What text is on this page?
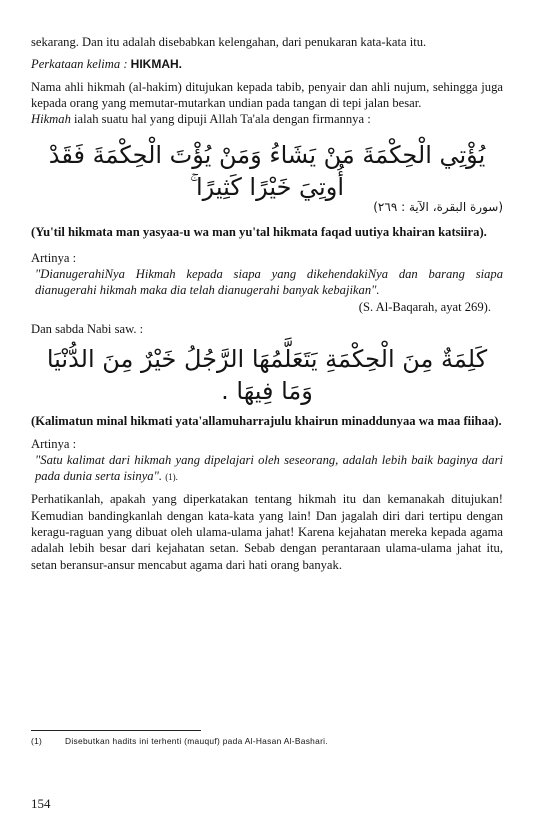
sekarang. Dan itu adalah disebabkan kelengahan, dari penukaran kata-kata itu.

Perkataan kelima : HIKMAH.

Nama ahli hikmah (al-hakim) ditujukan kepada tabib, penyair dan ahli nujum, sehingga juga kepada orang yang memutar-mutarkan undian pada tangan di tepi jalan besar.

Hikmah ialah suatu hal yang dipuji Allah Ta'ala dengan firmannya :

يُؤْتِي الْحِكْمَةَ مَنْ يَشَاءُ وَمَنْ يُؤْتَ الْحِكْمَةَ فَقَدْ أُوتِيَ خَيْرًا كَثِيرًا ۚ
(سورة البقرة، الآية : ٢٦٩)

(Yu'til hikmata man yasyaa-u wa man yu'tal hikmata faqad uutiya khairan katsiira).

Artinya :

"DianugerahiNya Hikmah kepada siapa yang dikehendakiNya dan barang siapa dianugerahi hikmah maka dia telah dianugerahi banyak kebajikan".

(S. Al-Baqarah, ayat 269).

Dan sabda Nabi saw. :

كَلِمَةٌ مِنَ الْحِكْمَةِ يَتَعَلَّمُهَا الرَّجُلُ خَيْرٌ مِنَ الدُّنْيَا وَمَا فِيهَا .

(Kalimatun minal hikmati yata'allamuharrajulu khairun minaddunyaa wa maa fiihaa).

Artinya :

"Satu kalimat dari hikmah yang dipelajari oleh seseorang, adalah lebih baik baginya dari pada dunia serta isinya". (1).

Perhatikanlah, apakah yang diperkatakan tentang hikmah itu dan kemanakah ditujukan! Kemudian bandingkanlah dengan kata-kata yang lain! Dan jagalah diri dari tertipu dengan keragu-raguan yang dibuat oleh ulama-ulama jahat! Karena kejahatan mereka kepada agama adalah lebih besar dari kejahatan setan. Sebab dengan perantaraan ulama-ulama jahat itu, setan beransur-ansur mencabut agama dari hati orang banyak.

(1)	Disebutkan hadits ini terhenti (mauquf) pada Al-Hasan Al-Bashari.
154
